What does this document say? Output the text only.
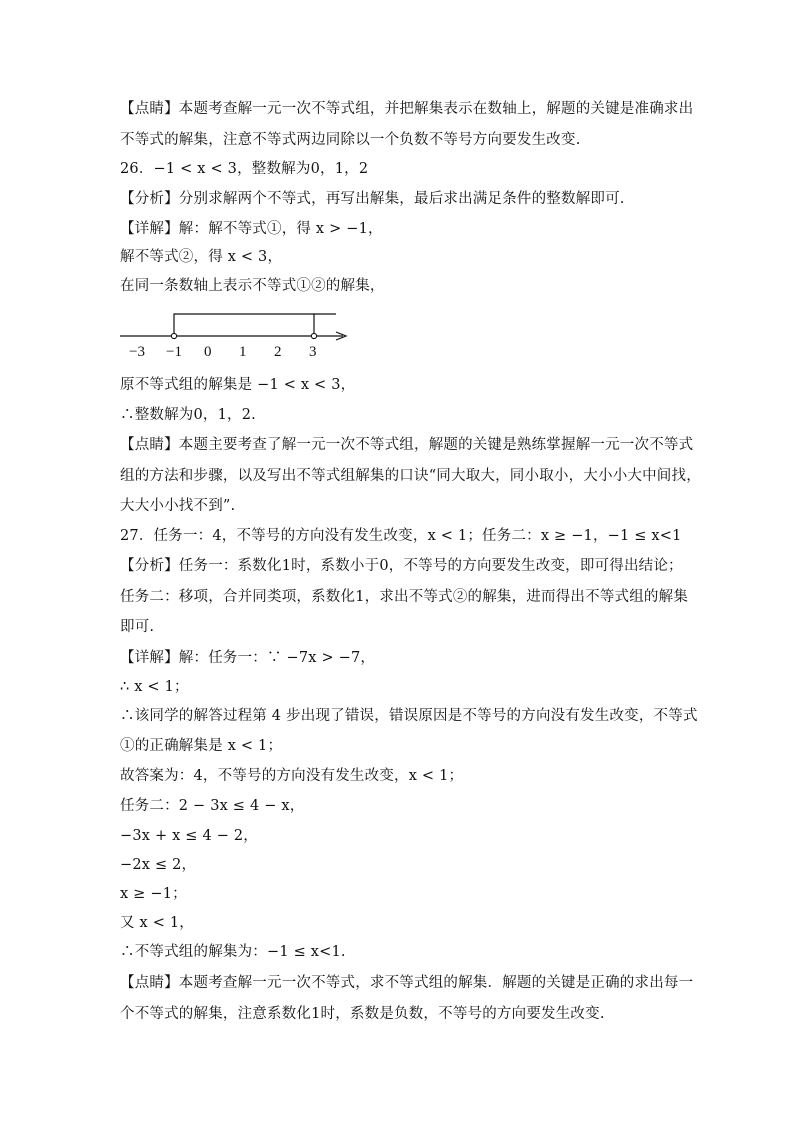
【点睛】本题考查解一元一次不等式组，并把解集表示在数轴上，解题的关键是准确求出
不等式的解集，注意不等式两边同除以一个负数不等号方向要发生改变.
26．−1 < x < 3，整数解为0，1，2
【分析】分别求解两个不等式，再写出解集，最后求出满足条件的整数解即可.
【详解】解：解不等式①，得 x > −1，
解不等式②，得 x < 3，
在同一条数轴上表示不等式①②的解集，
−3 −1 0 1 2 3
原不等式组的解集是 −1 < x < 3，
∴整数解为0，1，2.
【点睛】本题主要考查了解一元一次不等式组，解题的关键是熟练掌握解一元一次不等式
组的方法和步骤，以及写出不等式组解集的口诀“同大取大，同小取小，大小小大中间找，
大大小小找不到”.
27．任务一：4，不等号的方向没有发生改变，x < 1；任务二：x ≥ −1，−1 ≤ x<1
【分析】任务一：系数化1时，系数小于0，不等号的方向要发生改变，即可得出结论；
任务二：移项，合并同类项，系数化1，求出不等式②的解集，进而得出不等式组的解集
即可.
【详解】解：任务一：∵ −7x > −7，
∴ x < 1；
∴该同学的解答过程第 4 步出现了错误，错误原因是不等号的方向没有发生改变，不等式
①的正确解集是 x < 1；
故答案为：4，不等号的方向没有发生改变，x < 1；
任务二：2 − 3x ≤ 4 − x，
−3x + x ≤ 4 − 2，
−2x ≤ 2，
x ≥ −1；
又 x < 1，
∴不等式组的解集为：−1 ≤ x<1.
【点睛】本题考查解一元一次不等式，求不等式组的解集．解题的关键是正确的求出每一
个不等式的解集，注意系数化1时，系数是负数，不等号的方向要发生改变.
